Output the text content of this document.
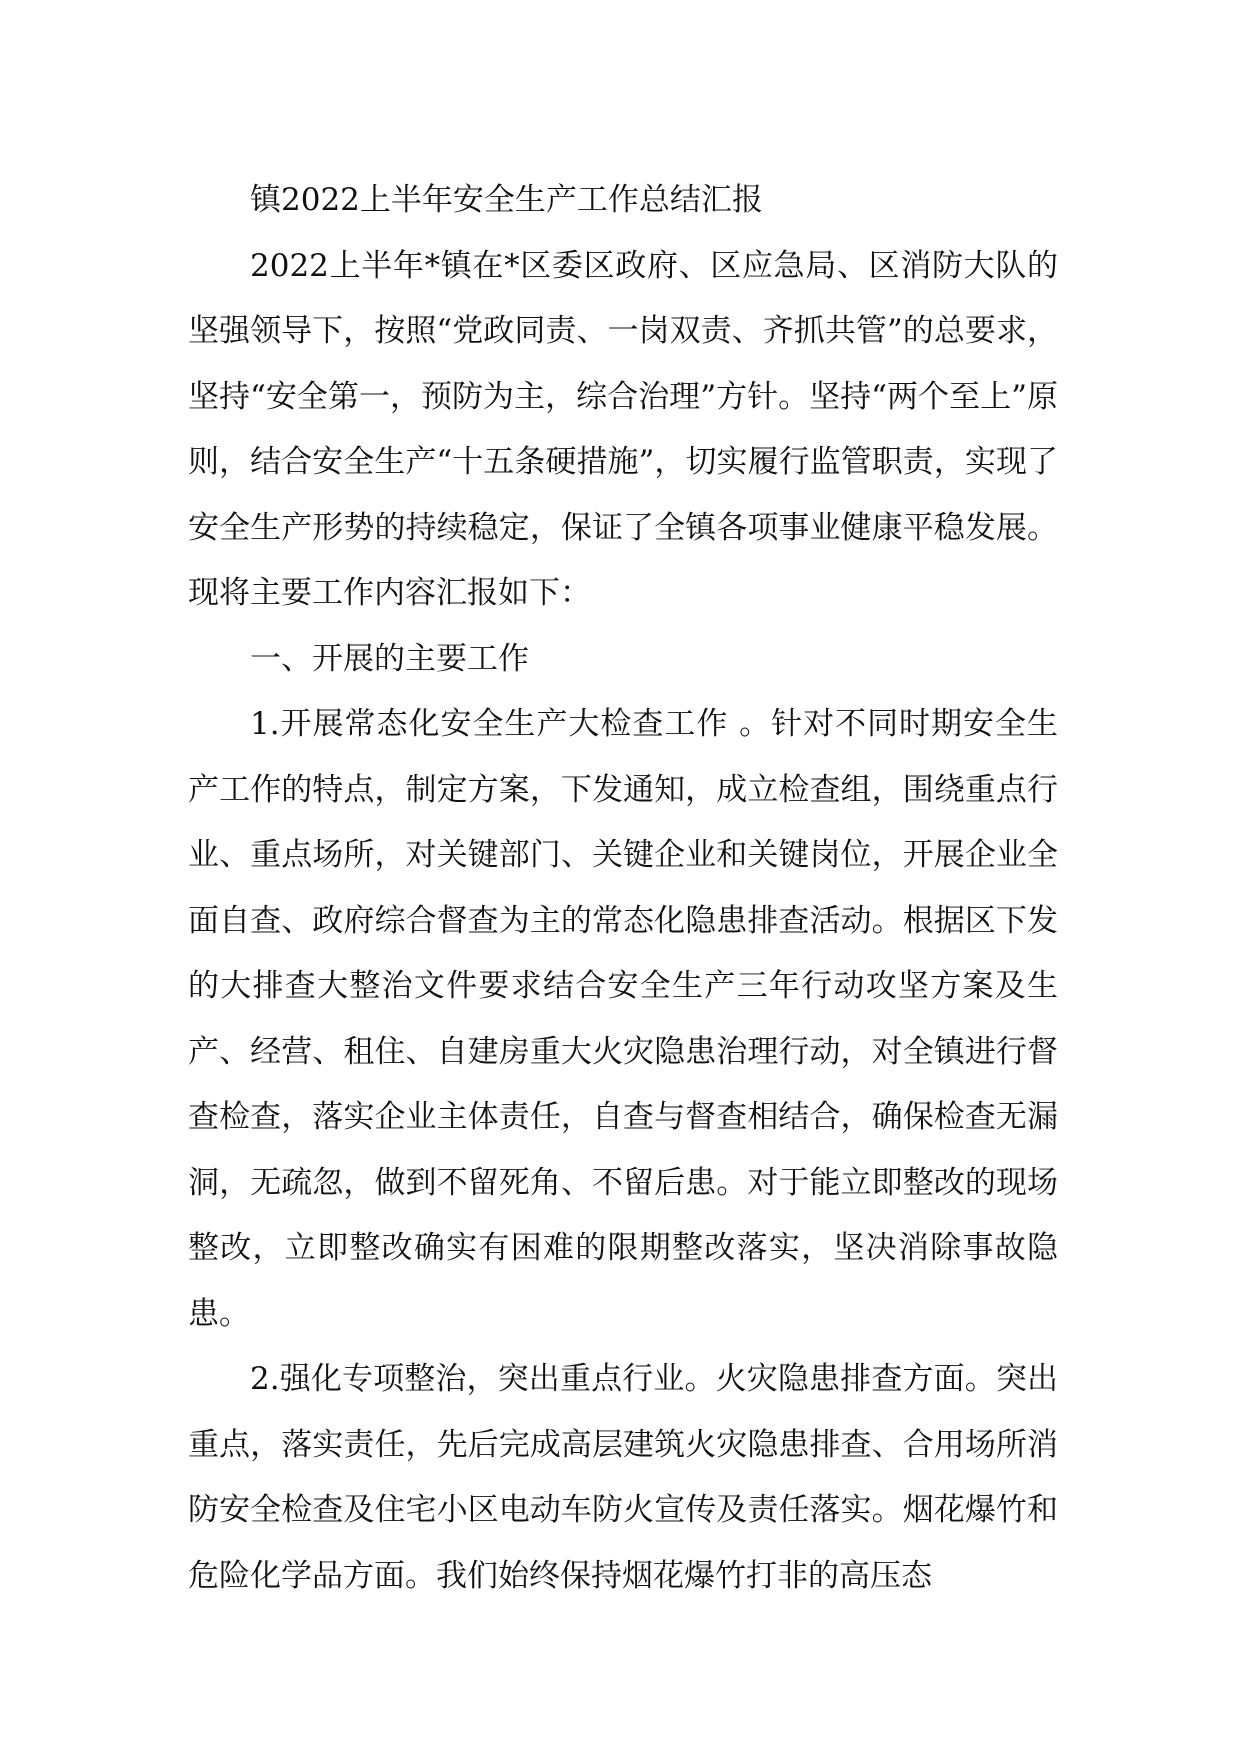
镇2022上半年安全生产工作总结汇报

2022上半年*镇在*区委区政府、区应急局、区消防大队的坚强领导下，按照“党政同责、一岗双责、齐抓共管”的总要求，坚持“安全第一，预防为主，综合治理”方针。坚持“两个至上”原则，结合安全生产“十五条硬措施”，切实履行监管职责，实现了安全生产形势的持续稳定，保证了全镇各项事业健康平稳发展。现将主要工作内容汇报如下：

一、开展的主要工作

1.开展常态化安全生产大检查工作 。针对不同时期安全生产工作的特点，制定方案，下发通知，成立检查组，围绕重点行业、重点场所，对关键部门、关键企业和关键岗位，开展企业全面自查、政府综合督查为主的常态化隐患排查活动。根据区下发的大排查大整治文件要求结合安全生产三年行动攻坚方案及生产、经营、租住、自建房重大火灾隐患治理行动，对全镇进行督查检查，落实企业主体责任，自查与督查相结合，确保检查无漏洞，无疏忽，做到不留死角、不留后患。对于能立即整改的现场整改，立即整改确实有困难的限期整改落实，坚决消除事故隐患。

2.强化专项整治，突出重点行业。火灾隐患排查方面。突出重点，落实责任，先后完成高层建筑火灾隐患排查、合用场所消防安全检查及住宅小区电动车防火宣传及责任落实。烟花爆竹和危险化学品方面。我们始终保持烟花爆竹打非的高压态
